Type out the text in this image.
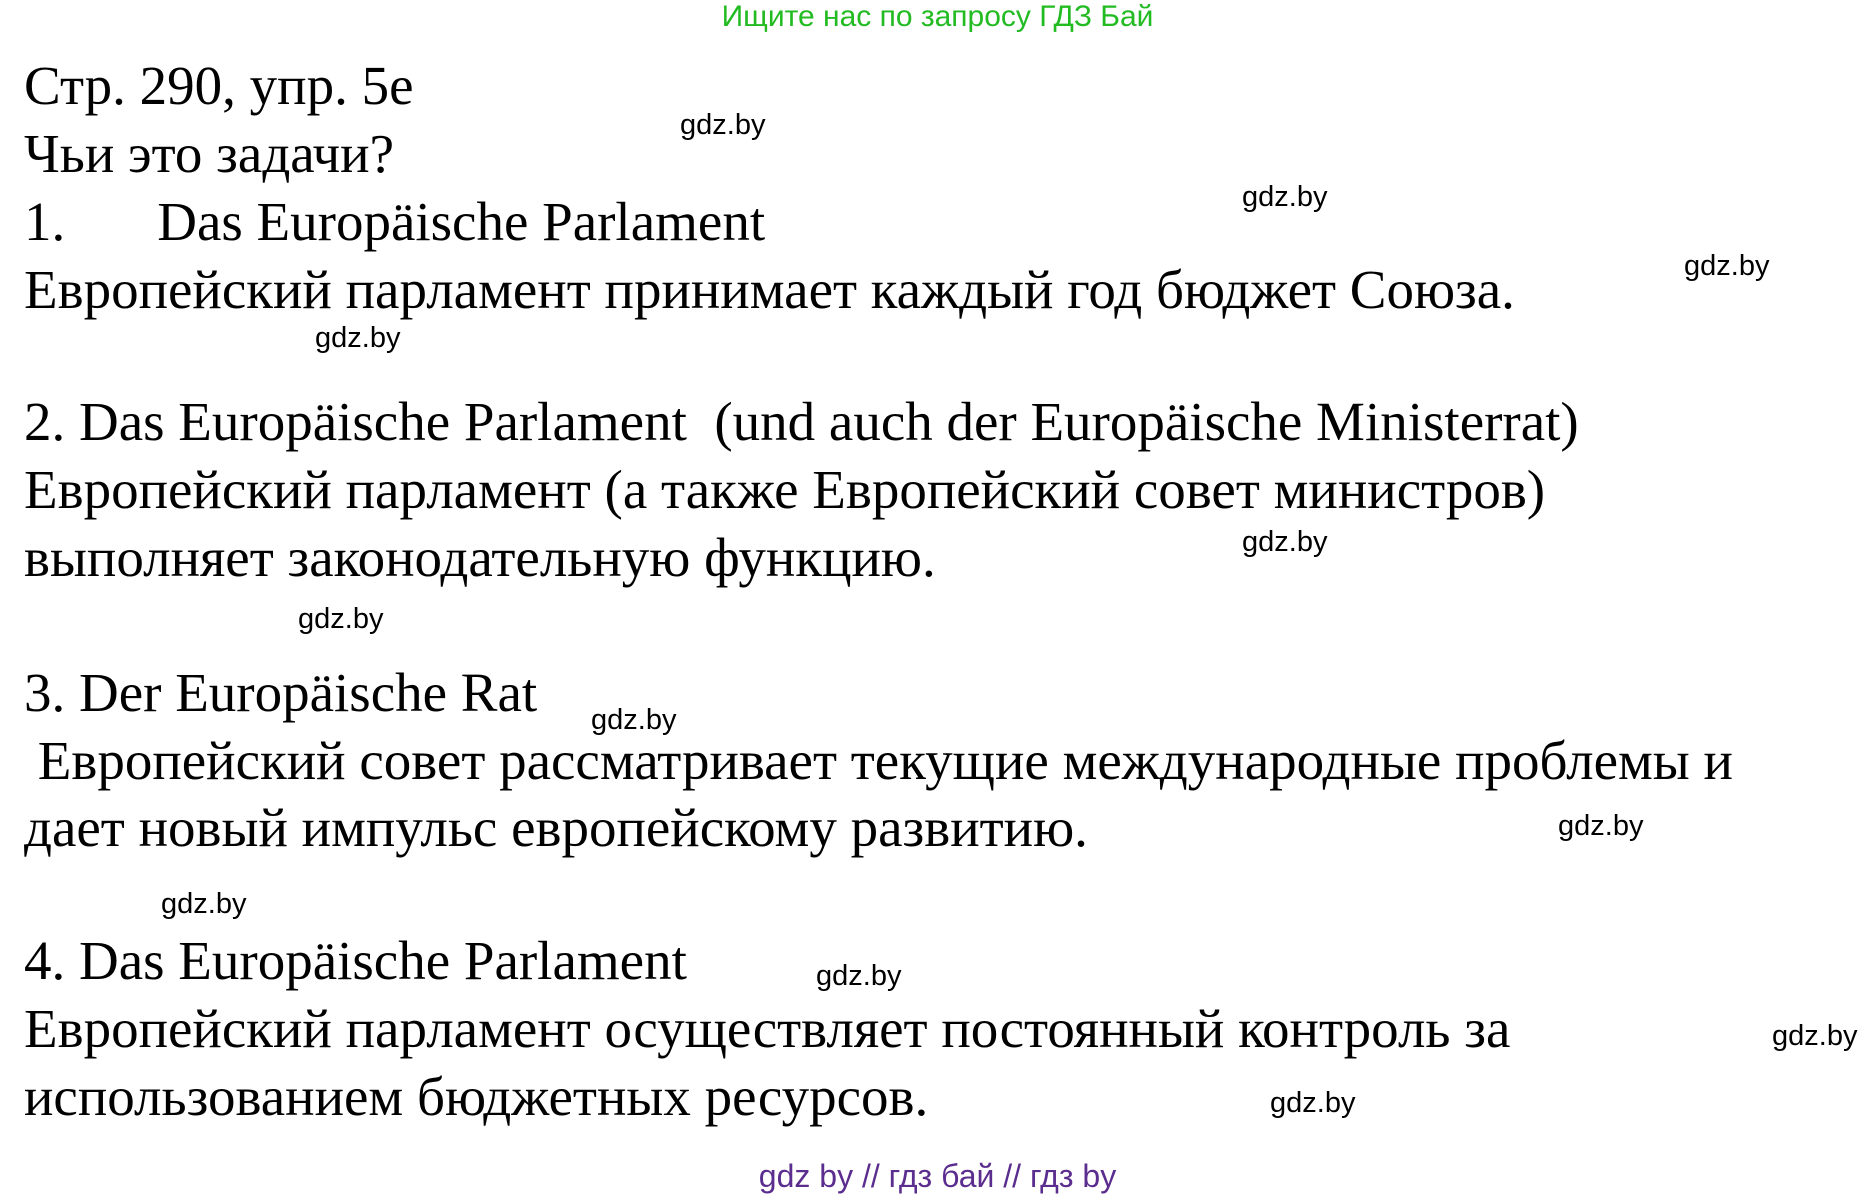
Ищите нас по запросу ГДЗ Бай
Стр. 290, упр. 5е
Чьи это задачи?
1. Das Europäische Parlament
Европейский парламент принимает каждый год бюджет Союза.
2. Das Europäische Parlament  (und auch der Europäische Ministerrat)
Европейский парламент (а также Европейский совет министров)
выполняет законодательную функцию.
3. Der Europäische Rat
Европейский совет рассматривает текущие международные проблемы и
дает новый импульс европейскому развитию.
4. Das Europäische Parlament
Европейский парламент осуществляет постоянный контроль за
использованием бюджетных ресурсов.
gdz.by
gdz.by
gdz.by
gdz.by
gdz.by
gdz.by
gdz.by
gdz.by
gdz.by
gdz.by
gdz.by
gdz.by
gdz by // гдз бай // гдз by
